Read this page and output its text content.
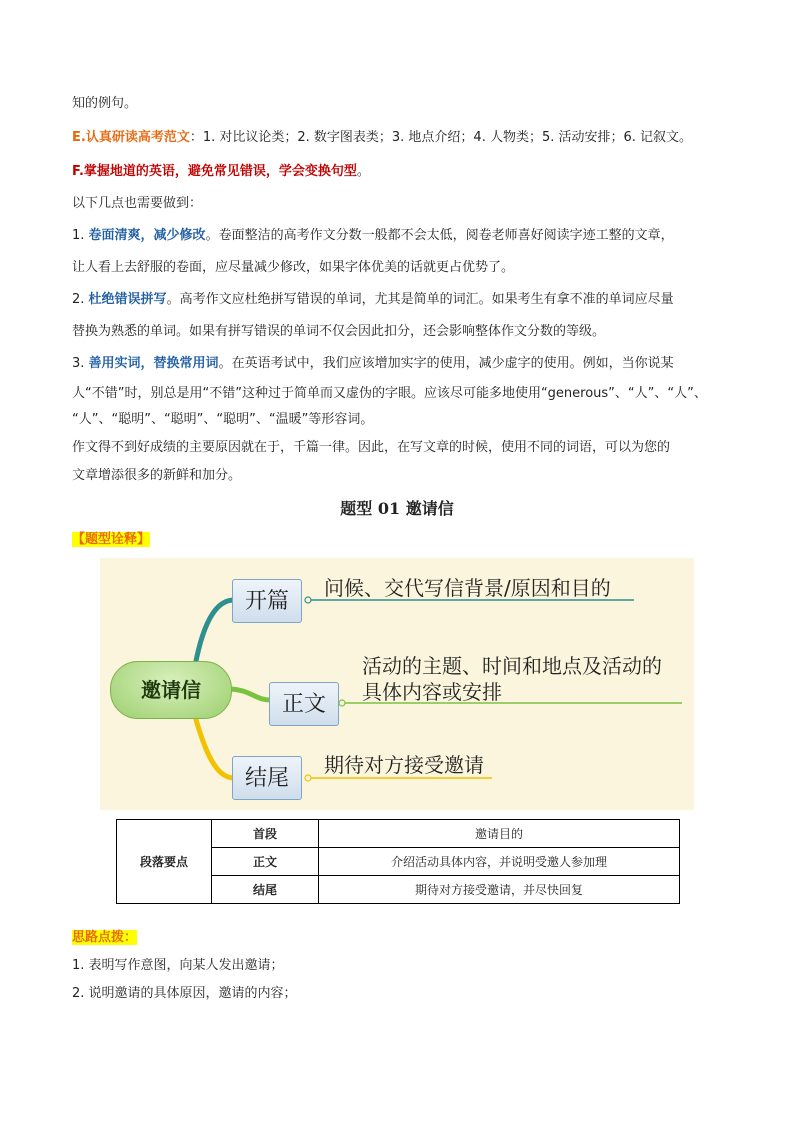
知的例句。
E.认真研读高考范文：1. 对比议论类；2. 数字图表类；3. 地点介绍；4. 人物类；5. 活动安排；6. 记叙文。
F.掌握地道的英语，避免常见错误，学会变换句型。
以下几点也需要做到：
1. 卷面清爽，减少修改。卷面整洁的高考作文分数一般都不会太低，阅卷老师喜好阅读字迹工整的文章，
让人看上去舒服的卷面，应尽量减少修改，如果字体优美的话就更占优势了。
2. 杜绝错误拼写。高考作文应杜绝拼写错误的单词，尤其是简单的词汇。如果考生有拿不准的单词应尽量
替换为熟悉的单词。如果有拼写错误的单词不仅会因此扣分，还会影响整体作文分数的等级。
3. 善用实词，替换常用词。在英语考试中，我们应该增加实字的使用，减少虚字的使用。例如，当你说某
人“不错”时，别总是用“不错”这种过于简单而又虚伪的字眼。应该尽可能多地使用“generous”、“人”、“人”、
“人”、“聪明”、“聪明”、“聪明”、“温暖”等形容词。
作文得不到好成绩的主要原因就在于，千篇一律。因此，在写文章的时候，使用不同的词语，可以为您的
文章增添很多的新鲜和加分。
题型 01 邀请信
【题型诠释】
邀请信
开篇
问候、交代写信背景/原因和目的
正文
活动的主题、时间和地点及活动的
具体内容或安排
结尾
期待对方接受邀请
段落要点	首段	邀请目的
	正文	介绍活动具体内容，并说明受邀人参加理
	结尾	期待对方接受邀请，并尽快回复
思路点拨：
1. 表明写作意图，向某人发出邀请；
2. 说明邀请的具体原因，邀请的内容；
